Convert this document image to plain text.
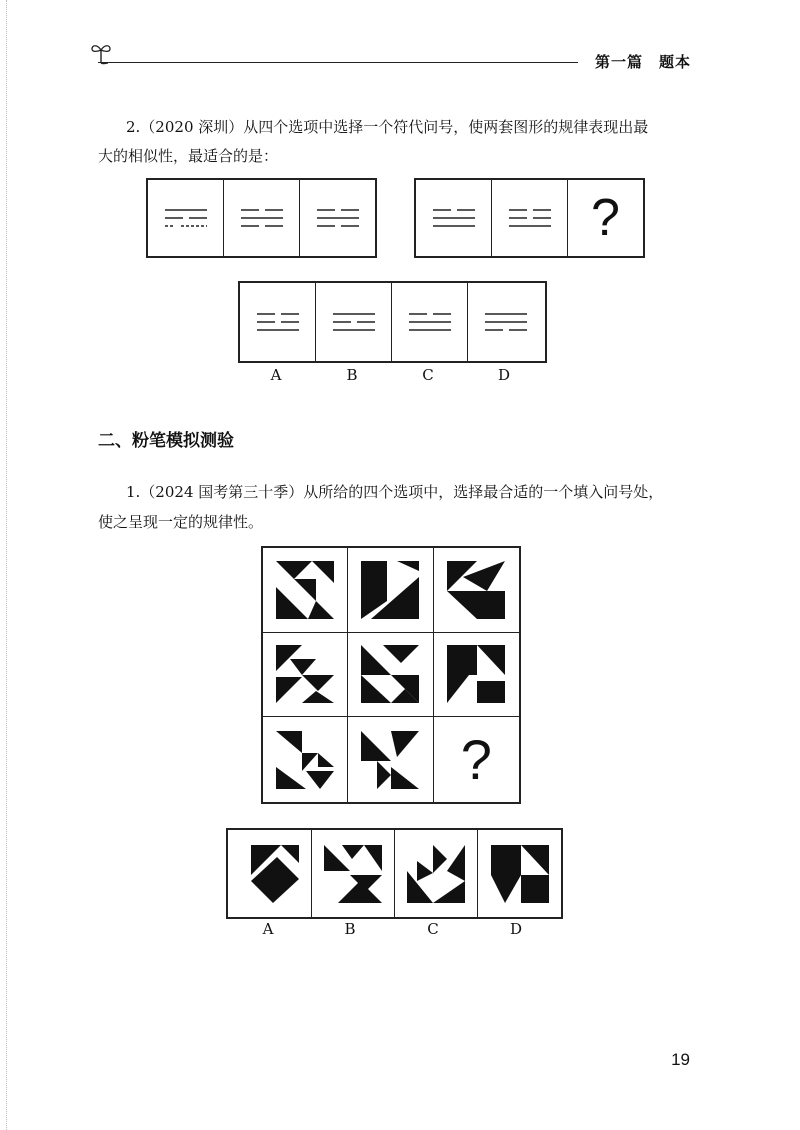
第一篇　题本
2.（2020 深圳）从四个选项中选择一个符代问号，使两套图形的规律表现出最
大的相似性，最适合的是：
?
A	B	C	D
二、粉笔模拟测验
1.（2024 国考第三十季）从所给的四个选项中，选择最合适的一个填入问号处，
使之呈现一定的规律性。
?
A	B	C	D
19
